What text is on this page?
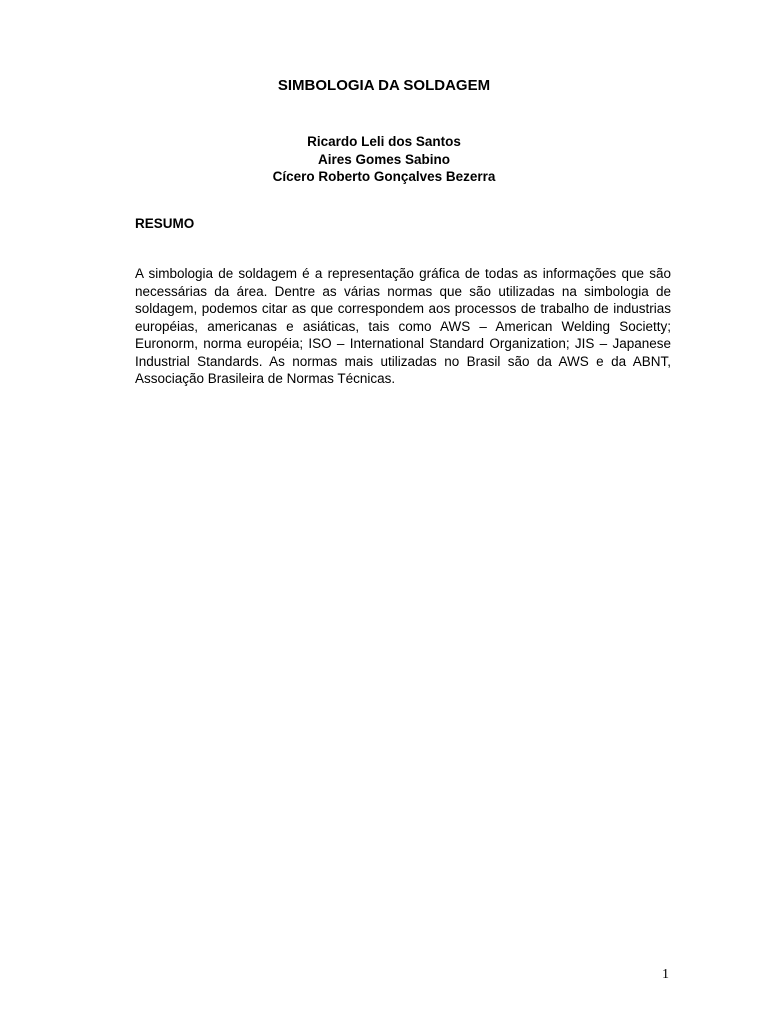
SIMBOLOGIA DA SOLDAGEM
Ricardo Leli dos Santos
Aires Gomes Sabino
Cícero Roberto Gonçalves Bezerra
RESUMO

A simbologia de soldagem é a representação gráfica de todas as informações que são necessárias da área. Dentre as várias normas que são utilizadas na simbologia de soldagem, podemos citar as que correspondem aos processos de trabalho de industrias européias, americanas e asiáticas, tais como AWS – American Welding Societty; Euronorm, norma européia; ISO – International Standard Organization; JIS – Japanese Industrial Standards. As normas mais utilizadas no Brasil são da AWS e da ABNT, Associação Brasileira de Normas Técnicas.

1
